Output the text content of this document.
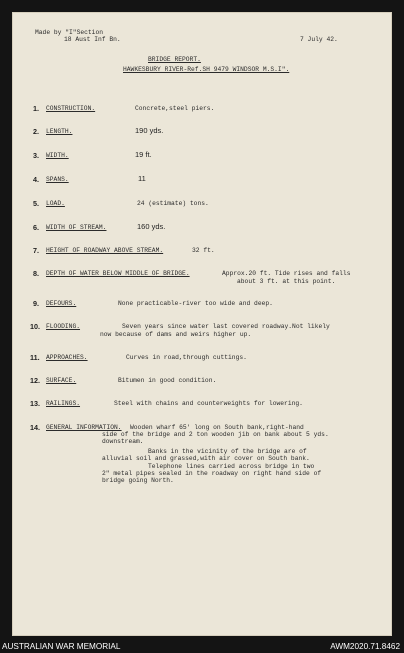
Made by "I"Section
18 Aust Inf Bn.	7 July 42.
BRIDGE REPORT.
HAWKESBURY RIVER-Ref.SH 9479 WINDSOR M.S.I".
1. CONSTRUCTION.	Concrete,steel piers.
2. LENGTH.	190 yds.
3. WIDTH.	19 ft.
4. SPANS.	11
5. LOAD.	24 (estimate) tons.
6. WIDTH OF STREAM.	160 yds.
7. HEIGHT OF ROADWAY ABOVE STREAM.	32 ft.
8. DEPTH OF WATER BELOW MIDDLE OF BRIDGE.	Approx.20 ft. Tide rises and falls
about 3 ft. at this point.
9. DEFOURS.	None practicable-river too wide and deep.
10. FLOODING.	Seven years since water last covered roadway.Not likely
now because of dams and weirs higher up.
11. APPROACHES.	Curves in road,through cuttings.
12. SURFACE.	Bitumen in good condition.
13. RAILINGS.	Steel with chains and counterweights for lowering.
14. GENERAL INFORMATION. Wooden wharf 65' long on South bank,right-hand
side of the bridge and 2 ton wooden jib on bank about 5 yds.
downstream.
Banks in the vicinity of the bridge are of
alluvial soil and grassed,with air cover on South bank.
Telephone lines carried across bridge in two
2" metal pipes sealed in the roadway on right hand side of
bridge going North.
AUSTRALIAN WAR MEMORIAL	AWM2020.71.8462
